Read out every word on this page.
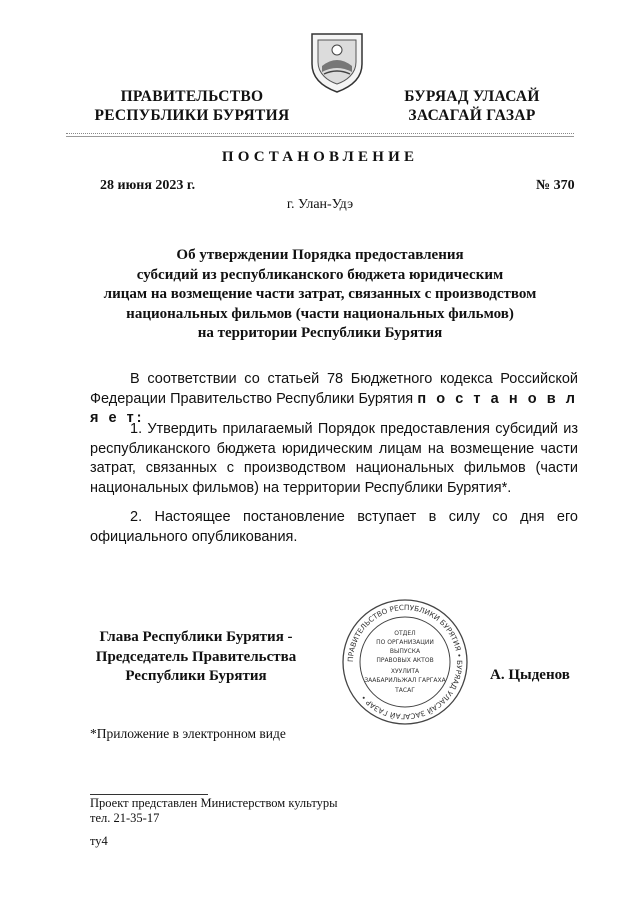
ПРАВИТЕЛЬСТВО
РЕСПУБЛИКИ БУРЯТИЯ
БУРЯАД УЛАСАЙ
ЗАСАГАЙ ГАЗАР
ПОСТАНОВЛЕНИЕ
28 июня 2023 г.	№ 370
г. Улан-Удэ
Об утверждении Порядка предоставления
субсидий из республиканского бюджета юридическим
лицам на возмещение части затрат, связанных с производством
национальных фильмов (части национальных фильмов)
на территории Республики Бурятия
В соответствии со статьей 78 Бюджетного кодекса Российской Федерации Правительство Республики Бурятия п о с т а н о в л я е т:
1. Утвердить прилагаемый Порядок предоставления субсидий из республиканского бюджета юридическим лицам на возмещение части затрат, связанных с производством национальных фильмов (части национальных фильмов) на территории Республики Бурятия*.
2. Настоящее постановление вступает в силу со дня его официального опубликования.
Глава Республики Бурятия -
Председатель Правительства
Республики Бурятия
ПРАВИТЕЛЬСТВО РЕСПУБЛИКИ БУРЯТИЯ • БУРЯАД УЛАСАЙ ЗАСАГАЙ ГАЗАР •
ОТДЕЛ
ПО ОРГАНИЗАЦИИ
ВЫПУСКА
ПРАВОВЫХ АКТОВ
ХУУЛИТА
ЗААБАРИЛЬЖАЛ ГАРГАХА
ТАСАГ
А. Цыденов
*Приложение в электронном виде
Проект представлен Министерством культуры
тел. 21-35-17
ту4
